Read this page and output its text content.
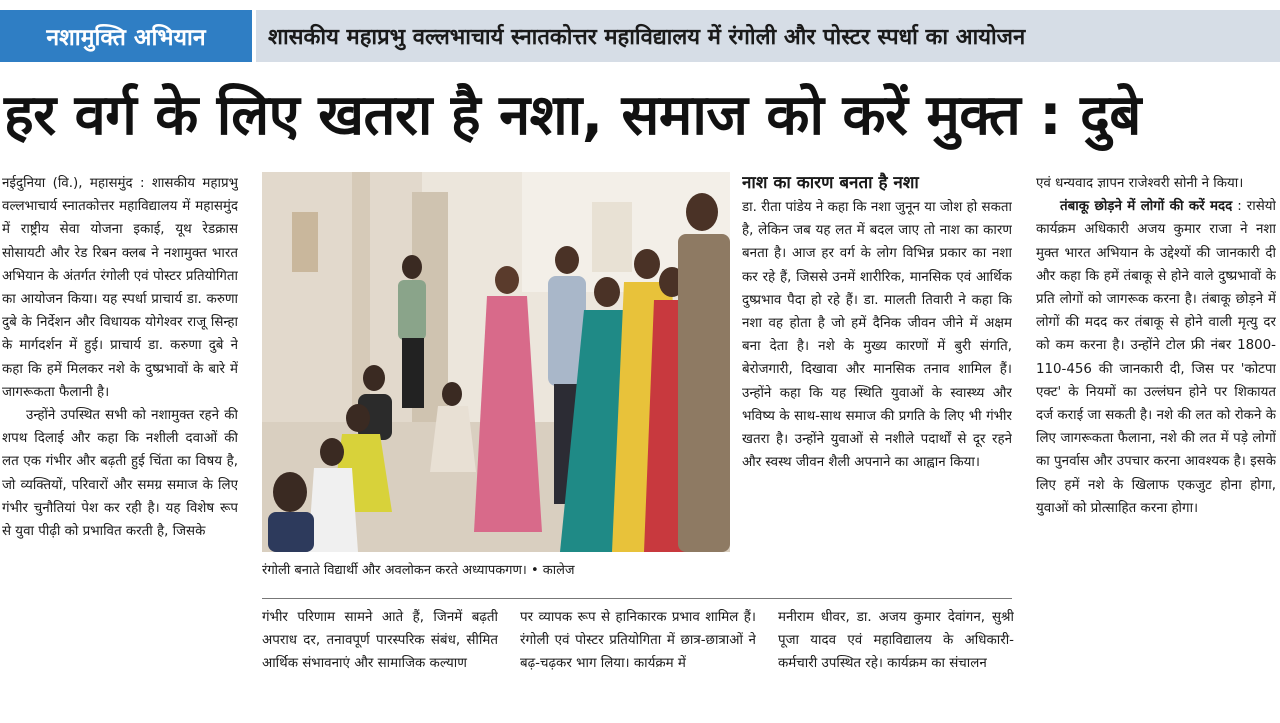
नशामुक्ति अभियान	शासकीय महाप्रभु वल्लभाचार्य स्नातकोत्तर महाविद्यालय में रंगोली और पोस्टर स्पर्धा का आयोजन
हर वर्ग के लिए खतरा है नशा, समाज को करें मुक्त : दुबे

नईदुनिया (वि.), महासमुंद : शासकीय महाप्रभु वल्लभाचार्य स्नातकोत्तर महाविद्यालय में महासमुंद में राष्ट्रीय सेवा योजना इकाई, यूथ रेडक्रास सोसायटी और रेड रिबन क्लब ने नशामुक्त भारत अभियान के अंतर्गत रंगोली एवं पोस्टर प्रतियोगिता का आयोजन किया। यह स्पर्धा प्राचार्य डा. करुणा दुबे के निर्देशन और विधायक योगेश्वर राजू सिन्हा के मार्गदर्शन में हुई। प्राचार्य डा. करुणा दुबे ने कहा कि हमें मिलकर नशे के दुष्प्रभावों के बारे में जागरूकता फैलानी है।

उन्होंने उपस्थित सभी को नशामुक्त रहने की शपथ दिलाई और कहा कि नशीली दवाओं की लत एक गंभीर और बढ़ती हुई चिंता का विषय है, जो व्यक्तियों, परिवारों और समग्र समाज के लिए गंभीर चुनौतियां पेश कर रही है। यह विशेष रूप से युवा पीढ़ी को प्रभावित करती है, जिसके

रंगोली बनाते विद्यार्थी और अवलोकन करते अध्यापकगण। • कालेज
नाश का कारण बनता है नशा

डा. रीता पांडेय ने कहा कि नशा जुनून या जोश हो सकता है, लेकिन जब यह लत में बदल जाए तो नाश का कारण बनता है। आज हर वर्ग के लोग विभिन्न प्रकार का नशा कर रहे हैं, जिससे उनमें शारीरिक, मानसिक एवं आर्थिक दुष्प्रभाव पैदा हो रहे हैं। डा. मालती तिवारी ने कहा कि नशा वह होता है जो हमें दैनिक जीवन जीने में अक्षम बना देता है। नशे के मुख्य कारणों में बुरी संगति, बेरोजगारी, दिखावा और मानसिक तनाव शामिल हैं। उन्होंने कहा कि यह स्थिति युवाओं के स्वास्थ्य और भविष्य के साथ-साथ समाज की प्रगति के लिए भी गंभीर खतरा है। उन्होंने युवाओं से नशीले पदार्थों से दूर रहने और स्वस्थ जीवन शैली अपनाने का आह्वान किया।

गंभीर परिणाम सामने आते हैं, जिनमें बढ़ती अपराध दर, तनावपूर्ण पारस्परिक संबंध, सीमित आर्थिक संभावनाएं और सामाजिक कल्याण

पर व्यापक रूप से हानिकारक प्रभाव शामिल हैं। रंगोली एवं पोस्टर प्रतियोगिता में छात्र-छात्राओं ने बढ़-चढ़कर भाग लिया। कार्यक्रम में

मनीराम धीवर, डा. अजय कुमार देवांगन, सुश्री पूजा यादव एवं महाविद्यालय के अधिकारी-कर्मचारी उपस्थित रहे। कार्यक्रम का संचालन

एवं धन्यवाद ज्ञापन राजेश्वरी सोनी ने किया।

तंबाकू छोड़ने में लोगों की करें मदद : रासेयो कार्यक्रम अधिकारी अजय कुमार राजा ने नशा मुक्त भारत अभियान के उद्देश्यों की जानकारी दी और कहा कि हमें तंबाकू से होने वाले दुष्प्रभावों के प्रति लोगों को जागरूक करना है। तंबाकू छोड़ने में लोगों की मदद कर तंबाकू से होने वाली मृत्यु दर को कम करना है। उन्होंने टोल फ्री नंबर 1800-110-456 की जानकारी दी, जिस पर 'कोटपा एक्ट' के नियमों का उल्लंघन होने पर शिकायत दर्ज कराई जा सकती है। नशे की लत को रोकने के लिए जागरूकता फैलाना, नशे की लत में पड़े लोगों का पुनर्वास और उपचार करना आवश्यक है। इसके लिए हमें नशे के खिलाफ एकजुट होना होगा, युवाओं को प्रोत्साहित करना होगा।
